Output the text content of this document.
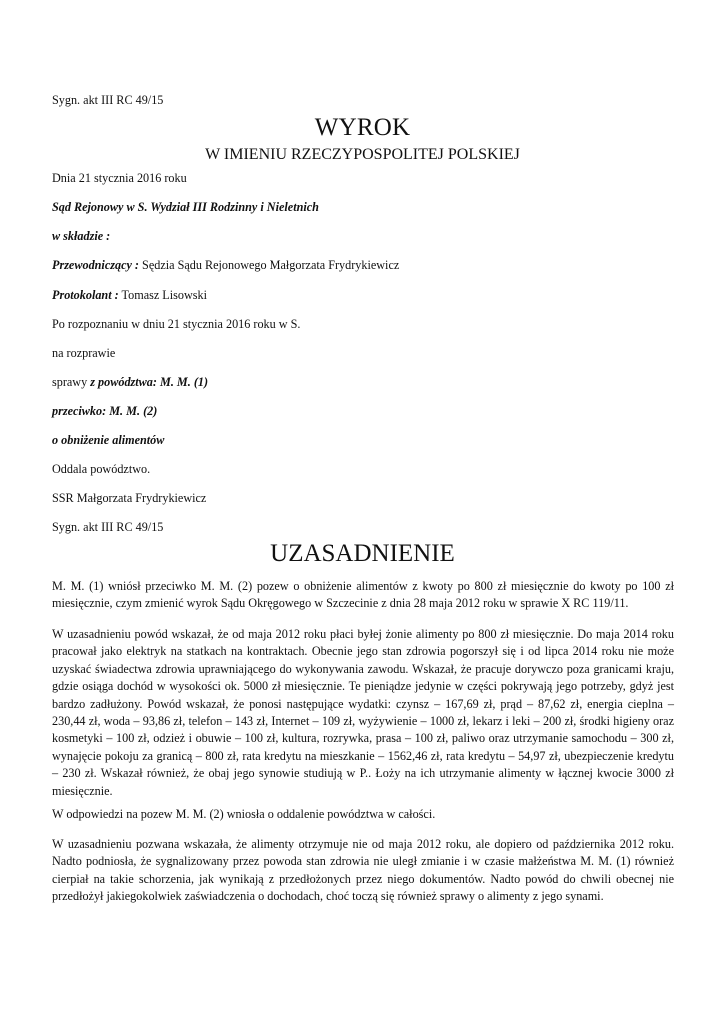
Sygn. akt III RC 49/15
WYROK
W IMIENIU RZECZYPOSPOLITEJ POLSKIEJ
Dnia 21 stycznia 2016 roku
Sąd Rejonowy w S. Wydział III Rodzinny i Nieletnich
w składzie :
Przewodniczący : Sędzia Sądu Rejonowego Małgorzata Frydrykiewicz
Protokolant : Tomasz Lisowski
Po rozpoznaniu w dniu 21 stycznia 2016 roku w S.
na rozprawie
sprawy z powództwa: M. M. (1)
przeciwko: M. M. (2)
o obniżenie alimentów
Oddala powództwo.
SSR Małgorzata Frydrykiewicz
Sygn. akt III RC 49/15
UZASADNIENIE
M. M. (1) wniósł przeciwko M. M. (2) pozew o obniżenie alimentów z kwoty po 800 zł miesięcznie do kwoty po 100 zł miesięcznie, czym zmienić wyrok Sądu Okręgowego w Szczecinie z dnia 28 maja 2012 roku w sprawie X RC 119/11.
W uzasadnieniu powód wskazał, że od maja 2012 roku płaci byłej żonie alimenty po 800 zł miesięcznie. Do maja 2014 roku pracował jako elektryk na statkach na kontraktach. Obecnie jego stan zdrowia pogorszył się i od lipca 2014 roku nie może uzyskać świadectwa zdrowia uprawniającego do wykonywania zawodu. Wskazał, że pracuje dorywczo poza granicami kraju, gdzie osiąga dochód w wysokości ok. 5000 zł miesięcznie. Te pieniądze jedynie w części pokrywają jego potrzeby, gdyż jest bardzo zadłużony. Powód wskazał, że ponosi następujące wydatki: czynsz – 167,69 zł, prąd – 87,62 zł, energia cieplna – 230,44 zł, woda – 93,86 zł, telefon – 143 zł, Internet – 109 zł, wyżywienie – 1000 zł, lekarz i leki – 200 zł, środki higieny oraz kosmetyki – 100 zł, odzież i obuwie – 100 zł, kultura, rozrywka, prasa – 100 zł, paliwo oraz utrzymanie samochodu – 300 zł, wynajęcie pokoju za granicą – 800 zł, rata kredytu na mieszkanie – 1562,46 zł, rata kredytu – 54,97 zł, ubezpieczenie kredytu – 230 zł. Wskazał również, że obaj jego synowie studiują w P.. Łoży na ich utrzymanie alimenty w łącznej kwocie 3000 zł miesięcznie.
W odpowiedzi na pozew M. M. (2) wniosła o oddalenie powództwa w całości.
W uzasadnieniu pozwana wskazała, że alimenty otrzymuje nie od maja 2012 roku, ale dopiero od października 2012 roku. Nadto podniosła, że sygnalizowany przez powoda stan zdrowia nie uległ zmianie i w czasie małżeństwa M. M. (1) również cierpiał na takie schorzenia, jak wynikają z przedłożonych przez niego dokumentów. Nadto powód do chwili obecnej nie przedłożył jakiegokolwiek zaświadczenia o dochodach, choć toczą się również sprawy o alimenty z jego synami.
